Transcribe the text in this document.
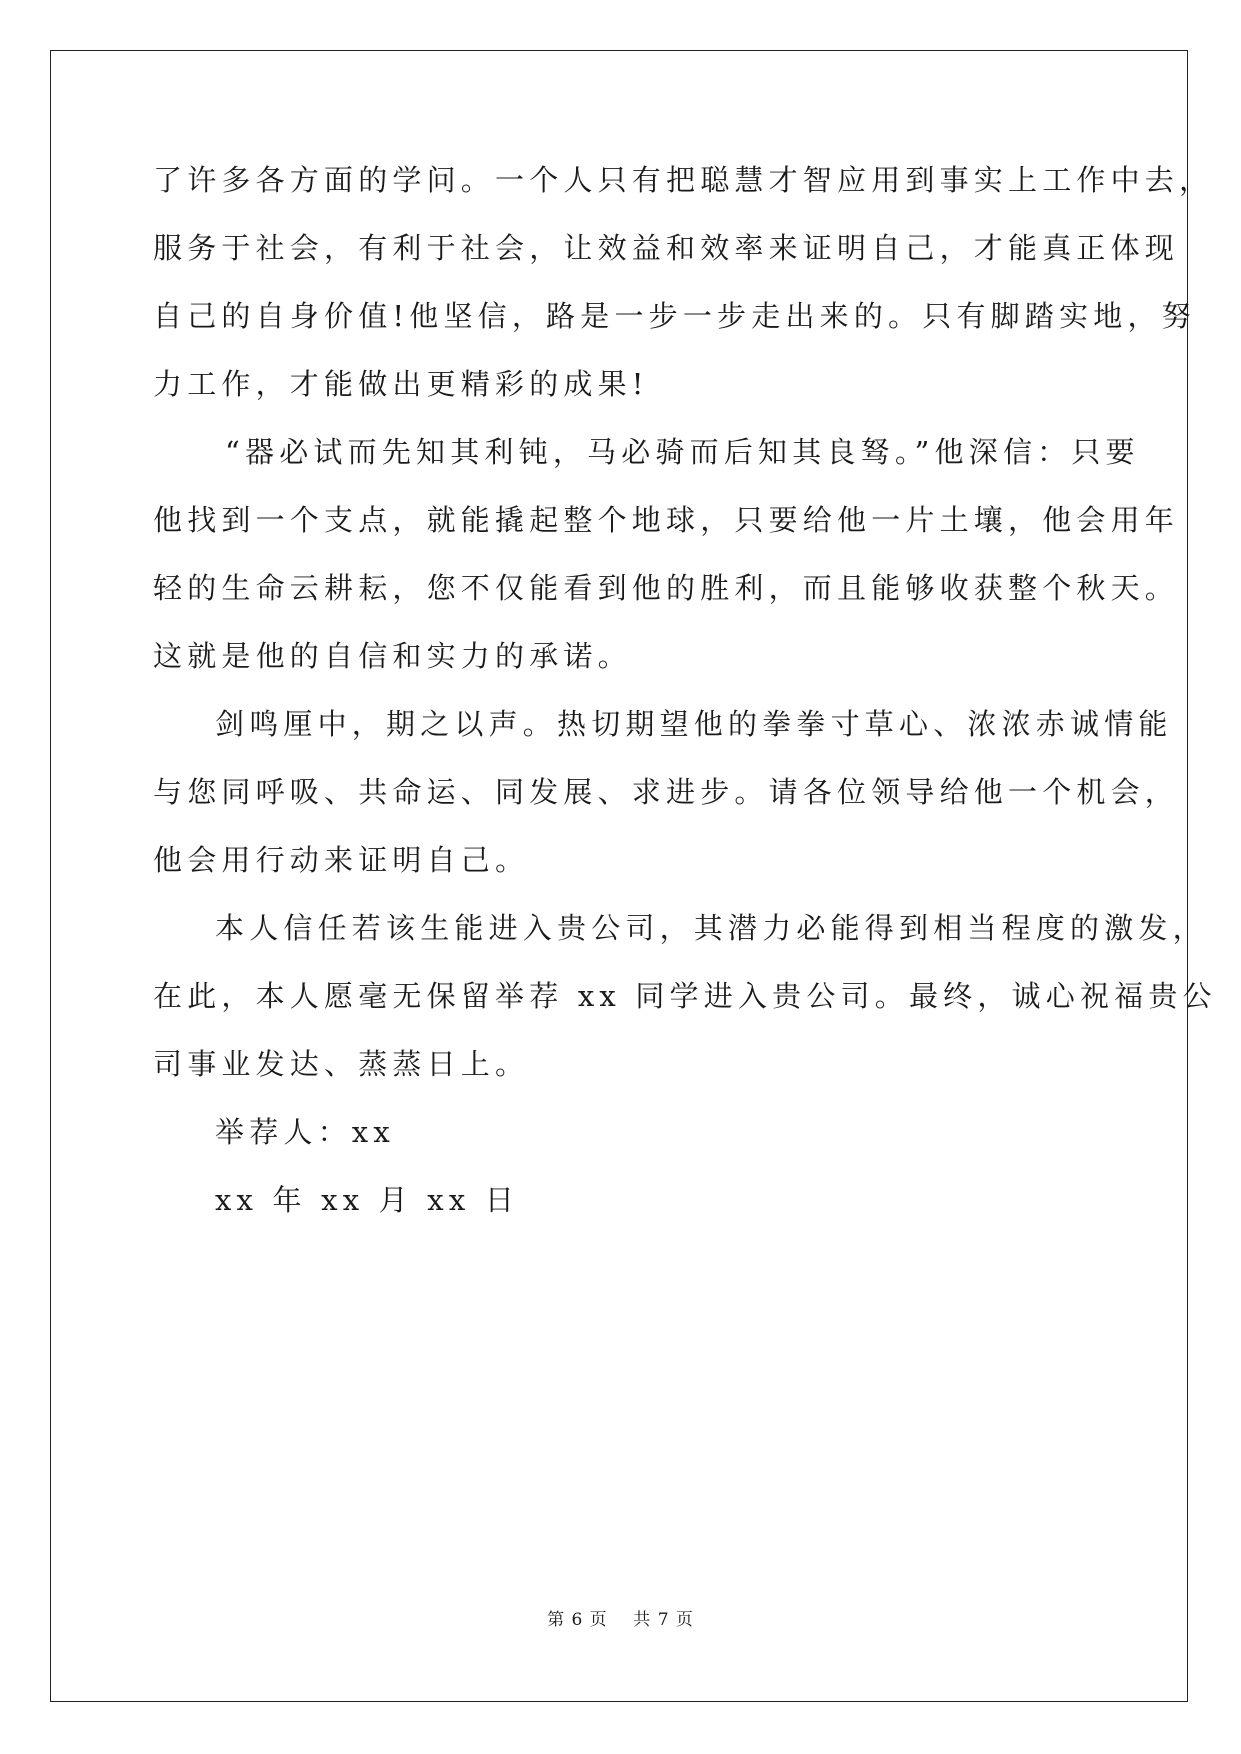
了许多各方面的学问。一个人只有把聪慧才智应用到事实上工作中去，
服务于社会，有利于社会，让效益和效率来证明自己，才能真正体现
自己的自身价值!他坚信，路是一步一步走出来的。只有脚踏实地，努
力工作，才能做出更精彩的成果!
“器必试而先知其利钝，马必骑而后知其良驽。”他深信：只要
他找到一个支点，就能撬起整个地球，只要给他一片土壤，他会用年
轻的生命云耕耘，您不仅能看到他的胜利，而且能够收获整个秋天。
这就是他的自信和实力的承诺。
剑鸣厘中，期之以声。热切期望他的拳拳寸草心、浓浓赤诚情能
与您同呼吸、共命运、同发展、求进步。请各位领导给他一个机会，
他会用行动来证明自己。
本人信任若该生能进入贵公司，其潜力必能得到相当程度的激发，
在此，本人愿毫无保留举荐 xx 同学进入贵公司。最终，诚心祝福贵公
司事业发达、蒸蒸日上。
举荐人：xx
xx 年 xx 月 xx 日
第 6 页    共 7 页
